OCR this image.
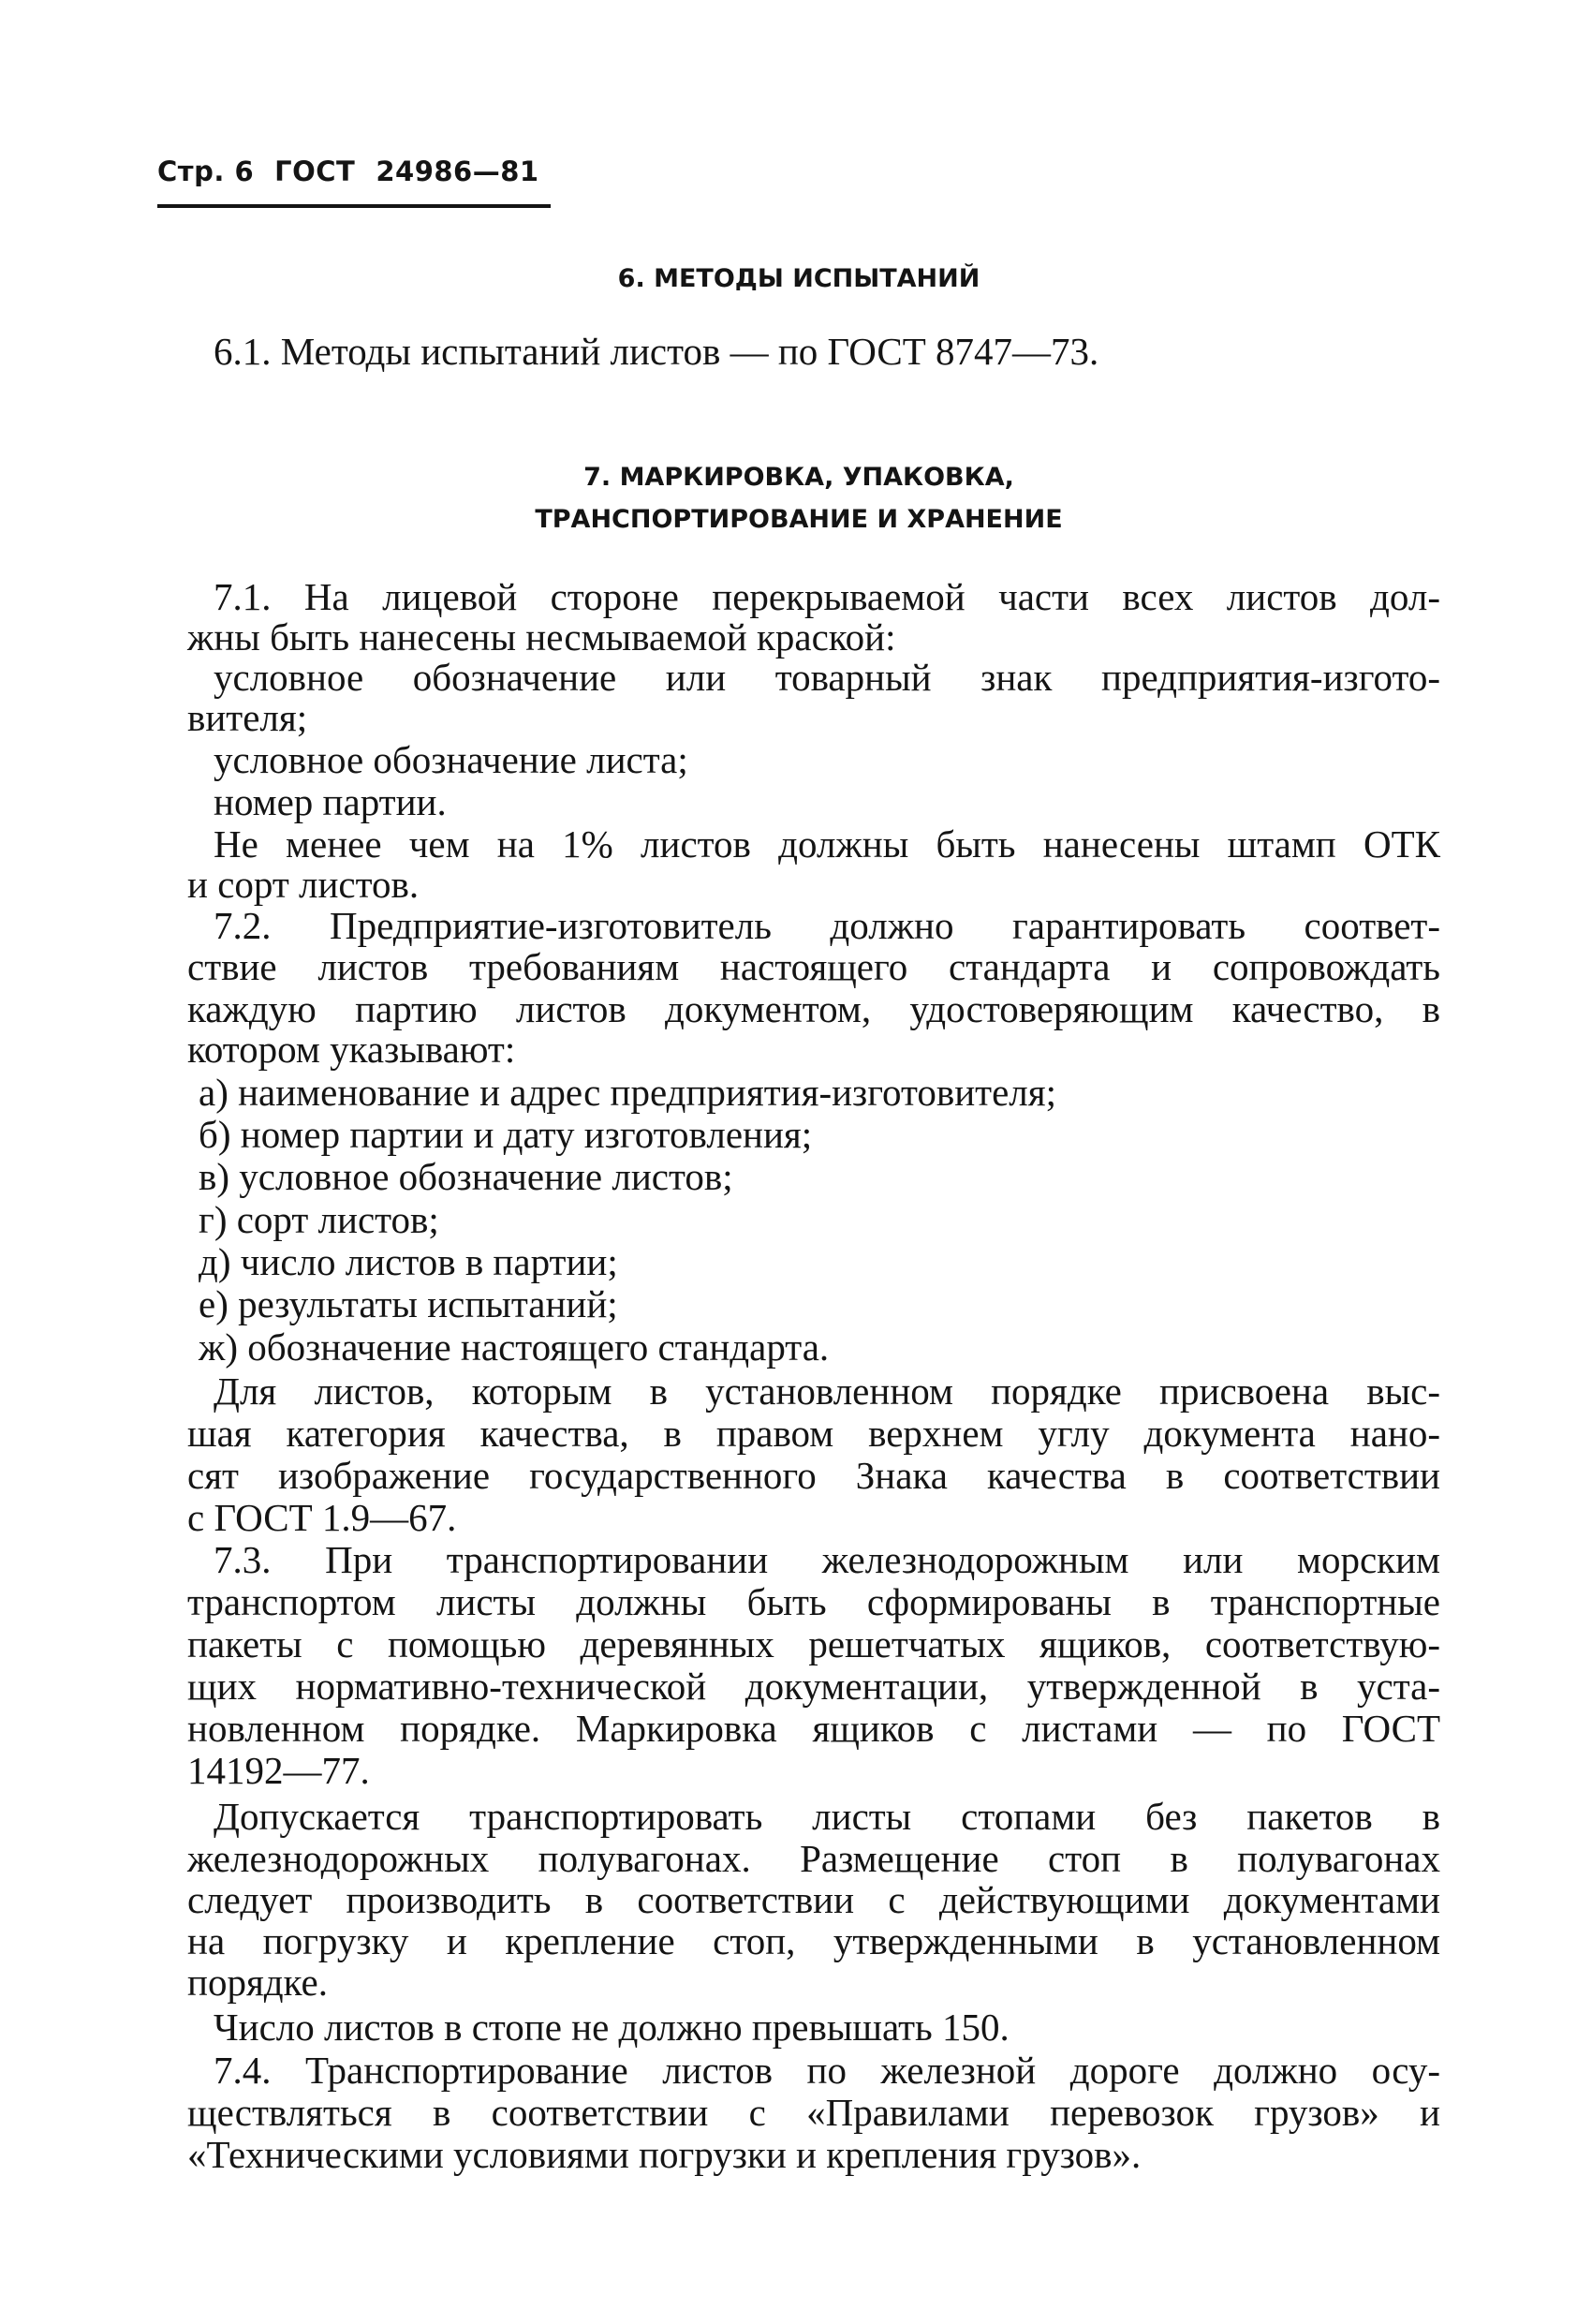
Стр. 6 ГОСТ 24986—81
6. МЕТОДЫ ИСПЫТАНИЙ
6.1. Методы испытаний листов — по ГОСТ 8747—73.
7. МАРКИРОВКА, УПАКОВКА,
ТРАНСПОРТИРОВАНИЕ И ХРАНЕНИЕ
7.1. На лицевой стороне перекрываемой части всех листов дол-
жны быть нанесены несмываемой краской:
условное обозначение или товарный знак предприятия-изгото-
вителя;
условное обозначение листа;
номер партии.
Не менее чем на 1% листов должны быть нанесены штамп ОТК
и сорт листов.
7.2. Предприятие-изготовитель должно гарантировать соответ-
ствие листов требованиям настоящего стандарта и сопровождать
каждую партию листов документом, удостоверяющим качество, в
котором указывают:
а) наименование и адрес предприятия-изготовителя;
б) номер партии и дату изготовления;
в) условное обозначение листов;
г) сорт листов;
д) число листов в партии;
е) результаты испытаний;
ж) обозначение настоящего стандарта.
Для листов, которым в установленном порядке присвоена выс-
шая категория качества, в правом верхнем углу документа нано-
сят изображение государственного Знака качества в соответствии
с ГОСТ 1.9—67.
7.3. При транспортировании железнодорожным или морским
транспортом листы должны быть сформированы в транспортные
пакеты с помощью деревянных решетчатых ящиков, соответствую-
щих нормативно-технической документации, утвержденной в уста-
новленном порядке. Маркировка ящиков с листами — по ГОСТ
14192—77.
Допускается транспортировать листы стопами без пакетов в
железнодорожных полувагонах. Размещение стоп в полувагонах
следует производить в соответствии с действующими документами
на погрузку и крепление стоп, утвержденными в установленном
порядке.
Число листов в стопе не должно превышать 150.
7.4. Транспортирование листов по железной дороге должно осу-
ществляться в соответствии с «Правилами перевозок грузов» и
«Техническими условиями погрузки и крепления грузов».
